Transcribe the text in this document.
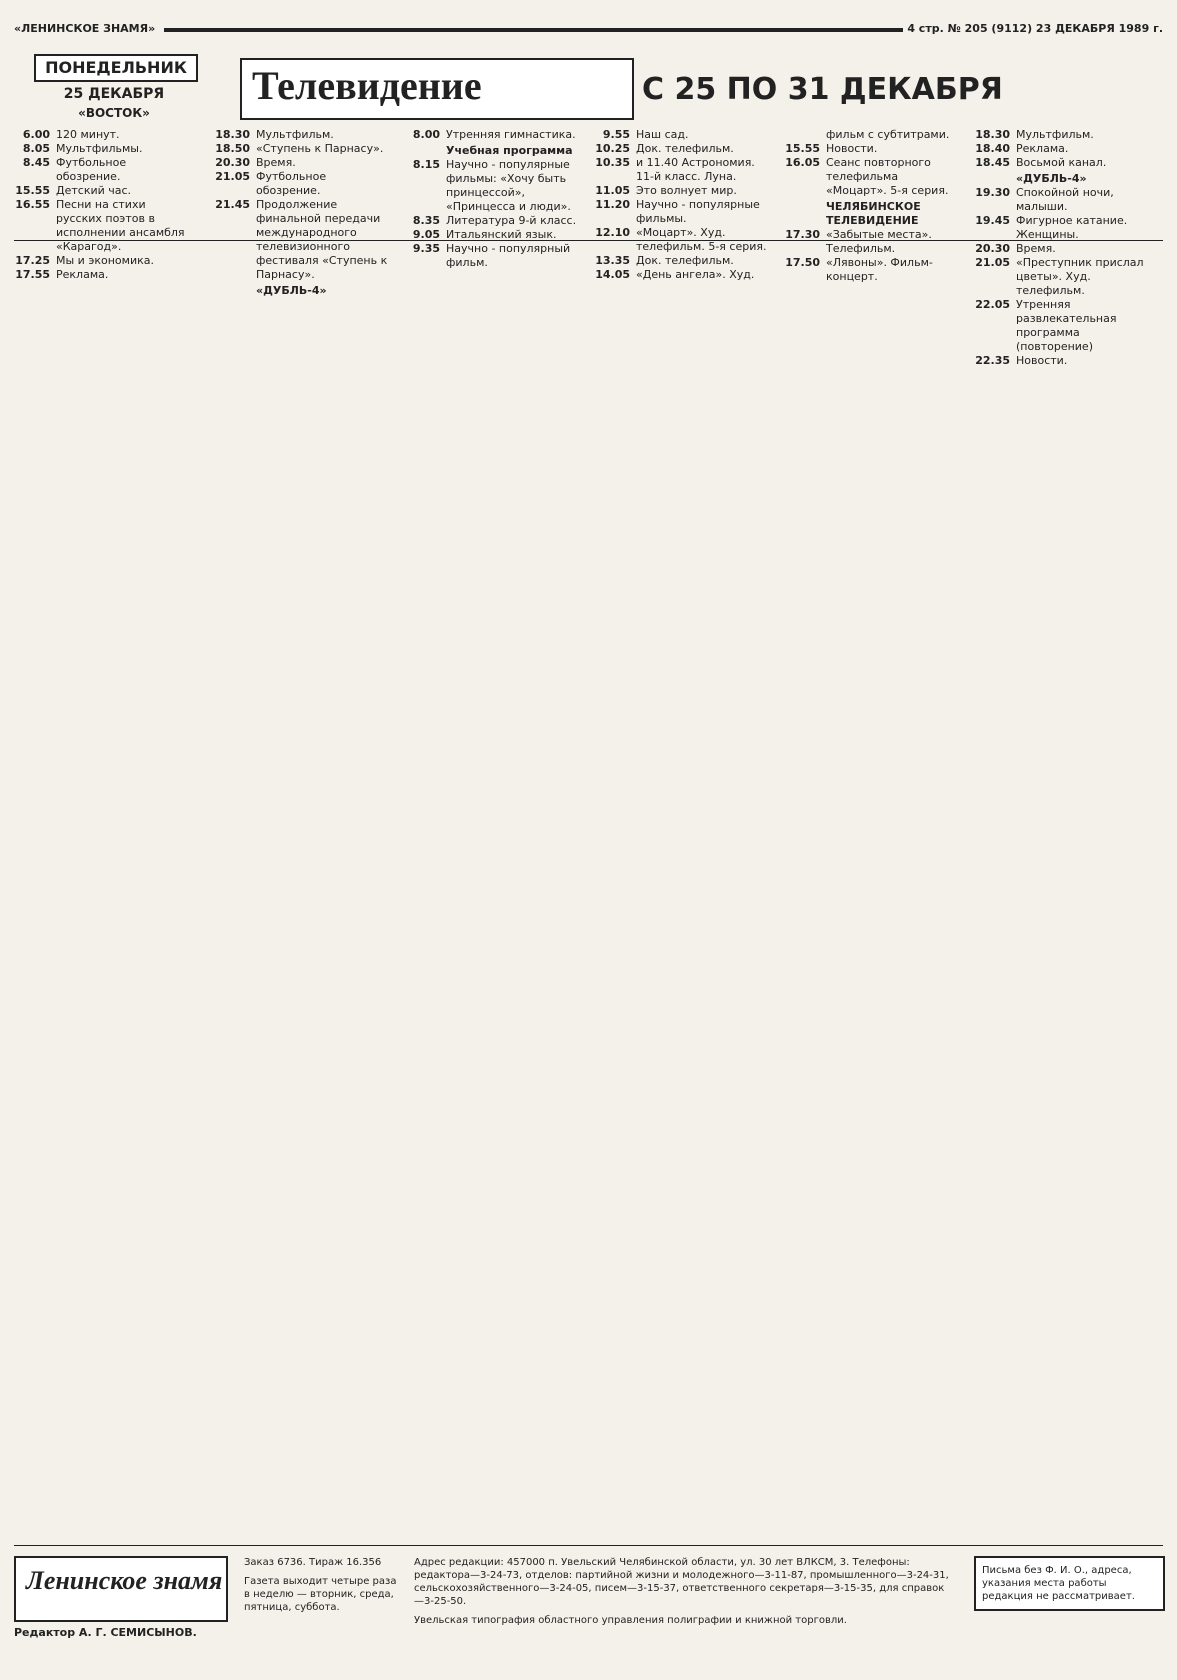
«ЛЕНИНСКОЕ ЗНАМЯ»	4 стр. № 205 (9112) 23 ДЕКАБРЯ 1989 г.
Телевидение	С 25 ПО 31 ДЕКАБРЯ
ПОНЕДЕЛЬНИК
25 ДЕКАБРЯ
«ВОСТОК»
6.00 120 минут.
8.05 Мультфильмы.
8.45 Футбольное обозрение.
15.55 Детский час.
16.55 Песни на стихи русских поэтов в исполнении ансамбля «Карагод».
17.25 Мы и экономика.
17.55 Реклама.
18.30 Мультфильм.
18.50 «Ступень к Парнасу».
20.30 Время.
21.05 Футбольное обозрение.
21.45 Продолжение финальной передачи международного телевизионного фестиваля «Ступень к Парнасу».
«ДУБЛЬ-4»
8.00 Утренняя гимнастика.
Учебная программа
8.15 Научно - популярные фильмы: «Хочу быть принцессой», «Принцесса и люди».
8.35 Литература 9-й класс.
9.05 Итальянский язык.
9.35 Научно - популярный фильм.
9.55 Наш сад.
10.25 Док. телефильм.
10.35 и 11.40 Астрономия. 11-й класс. Луна.
11.05 Это волнует мир.
11.20 Научно - популярные фильмы.
12.10 «Моцарт». Худ. телефильм. 5-я серия.
13.35 Док. телефильм.
14.05 «День ангела». Худ.
фильм с субтитрами.
15.55 Новости.
16.05 Сеанс повторного телефильма «Моцарт». 5-я серия.
ЧЕЛЯБИНСКОЕ ТЕЛЕВИДЕНИЕ
17.30 «Забытые места». Телефильм.
17.50 «Лявоны». Фильм-концерт.
18.30 Мультфильм.
18.40 Реклама.
18.45 Восьмой канал.
«ДУБЛЬ-4»
19.30 Спокойной ночи, малыши.
19.45 Фигурное катание. Женщины.
20.30 Время.
21.05 «Преступник прислал цветы». Худ. телефильм.
22.05 Утренняя развлекательная программа (повторение)
22.35 Новости.
Ленинское знамя
Редактор А. Г. СЕМИСЫНОВ.
Заказ 6736. Тираж 16.356
Газета выходит четыре раза в неделю — вторник, среда, пятница, суббота.
Адрес редакции: 457000 п. Увельский Челябинской области, ул. 30 лет ВЛКСМ, 3. Телефоны: редактора—3-24-73, отделов: партийной жизни и молодежного—3-11-87, промышленного—3-24-31, сельскохозяйственного—3-24-05, писем—3-15-37, ответственного секретаря—3-15-35, для справок—3-25-50.
Увельская типография областного управления полиграфии и книжной торговли.
Письма без Ф. И. О., адреса, указания места работы редакция не рассматривает.
